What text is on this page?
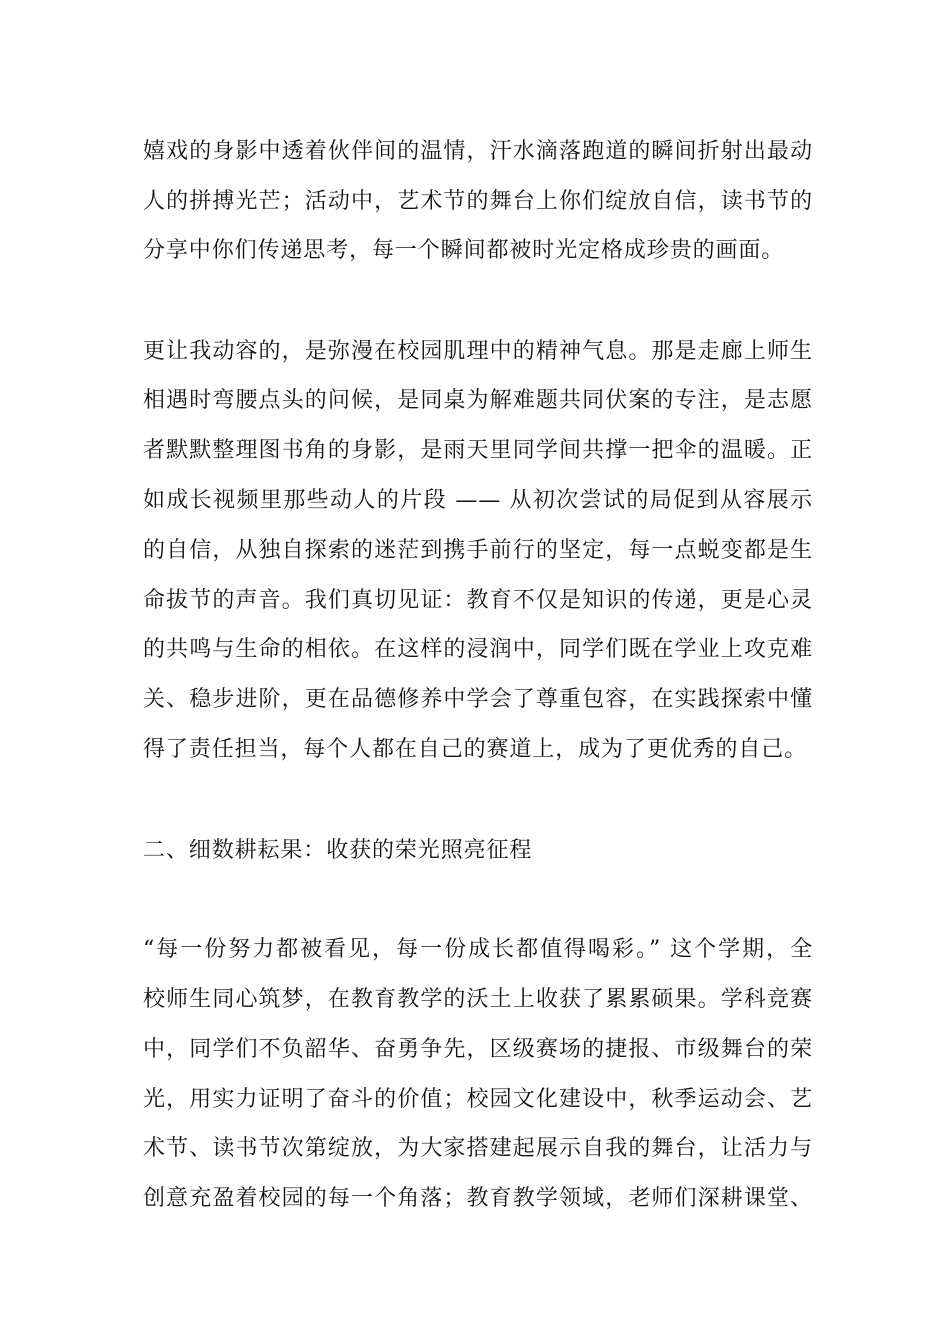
嬉戏的身影中透着伙伴间的温情，汗水滴落跑道的瞬间折射出最动
人的拼搏光芒；活动中，艺术节的舞台上你们绽放自信，读书节的
分享中你们传递思考，每一个瞬间都被时光定格成珍贵的画面。
更让我动容的，是弥漫在校园肌理中的精神气息。那是走廊上师生
相遇时弯腰点头的问候，是同桌为解难题共同伏案的专注，是志愿
者默默整理图书角的身影，是雨天里同学间共撑一把伞的温暖。正
如成长视频里那些动人的片段 —— 从初次尝试的局促到从容展示
的自信，从独自探索的迷茫到携手前行的坚定，每一点蜕变都是生
命拔节的声音。我们真切见证：教育不仅是知识的传递，更是心灵
的共鸣与生命的相依。在这样的浸润中，同学们既在学业上攻克难
关、稳步进阶，更在品德修养中学会了尊重包容，在实践探索中懂
得了责任担当，每个人都在自己的赛道上，成为了更优秀的自己。
二、细数耕耘果：收获的荣光照亮征程
“每一份努力都被看见，每一份成长都值得喝彩。” 这个学期，全
校师生同心筑梦，在教育教学的沃土上收获了累累硕果。学科竞赛
中，同学们不负韶华、奋勇争先，区级赛场的捷报、市级舞台的荣
光，用实力证明了奋斗的价值；校园文化建设中，秋季运动会、艺
术节、读书节次第绽放，为大家搭建起展示自我的舞台，让活力与
创意充盈着校园的每一个角落；教育教学领域，老师们深耕课堂、
